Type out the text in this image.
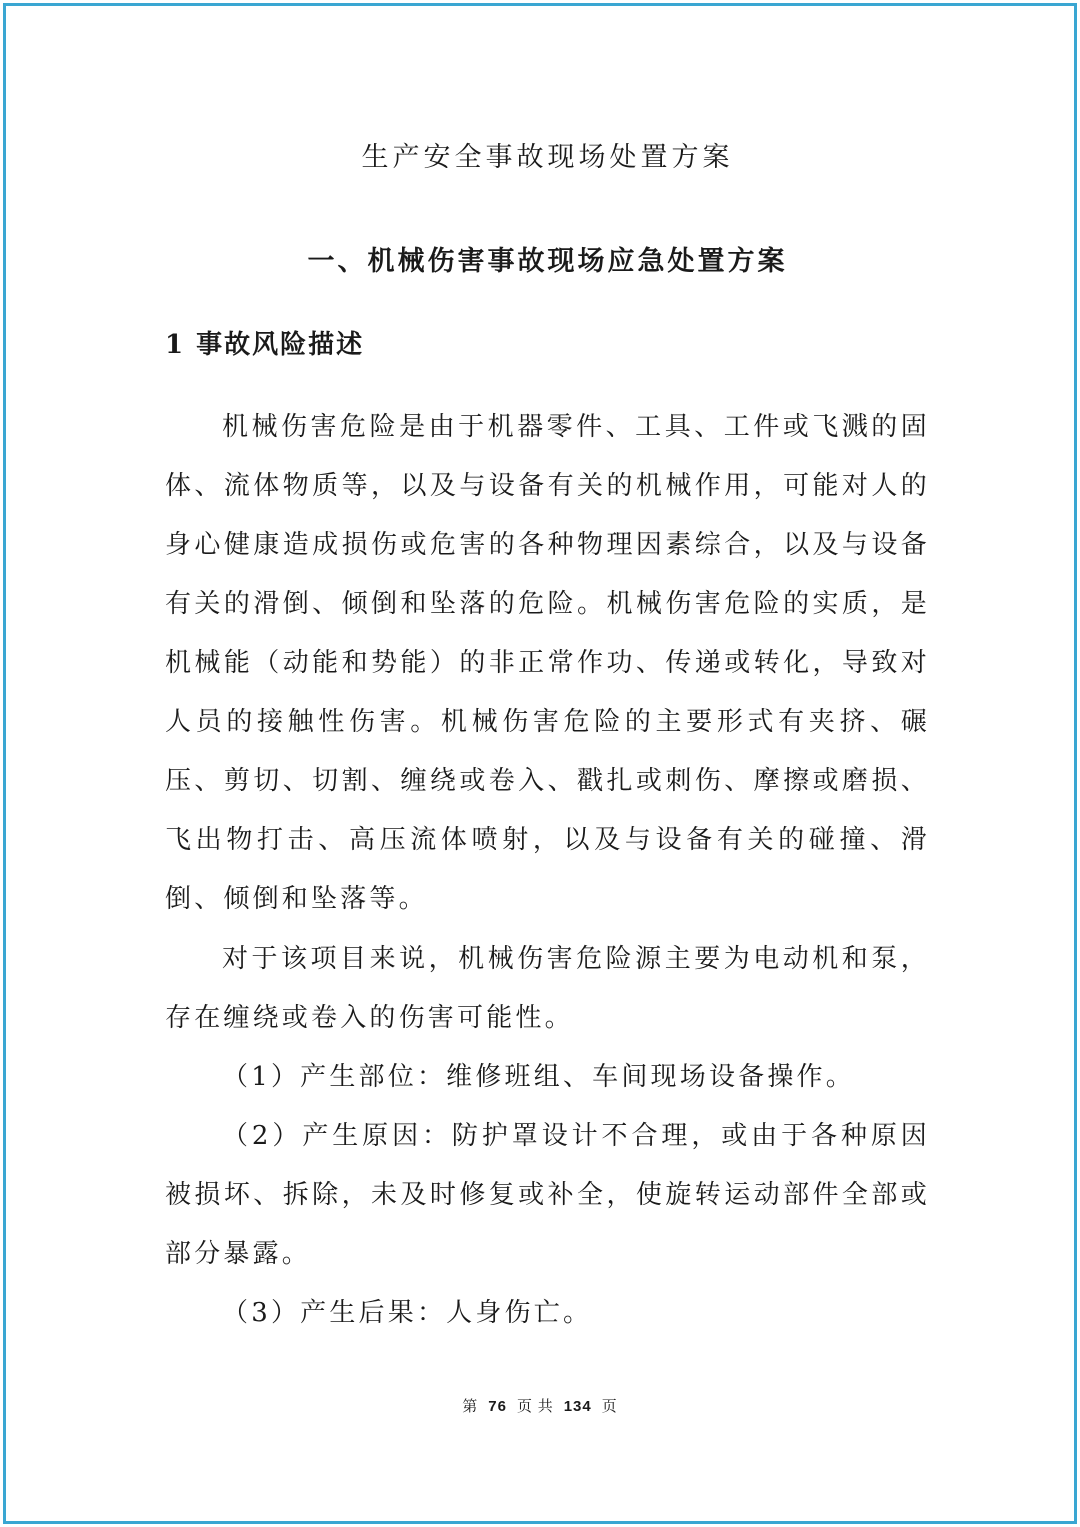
生产安全事故现场处置方案
一、机械伤害事故现场应急处置方案
1 事故风险描述

机械伤害危险是由于机器零件、工具、工件或飞溅的固体、流体物质等，以及与设备有关的机械作用，可能对人的身心健康造成损伤或危害的各种物理因素综合，以及与设备有关的滑倒、倾倒和坠落的危险。机械伤害危险的实质，是机械能（动能和势能）的非正常作功、传递或转化，导致对人员的接触性伤害。机械伤害危险的主要形式有夹挤、碾压、剪切、切割、缠绕或卷入、戳扎或刺伤、摩擦或磨损、飞出物打击、高压流体喷射，以及与设备有关的碰撞、滑倒、倾倒和坠落等。

对于该项目来说，机械伤害危险源主要为电动机和泵，存在缠绕或卷入的伤害可能性。

（1）产生部位：维修班组、车间现场设备操作。

（2）产生原因：防护罩设计不合理，或由于各种原因被损坏、拆除，未及时修复或补全，使旋转运动部件全部或部分暴露。

（3）产生后果：人身伤亡。

第 76 页 共 134 页
